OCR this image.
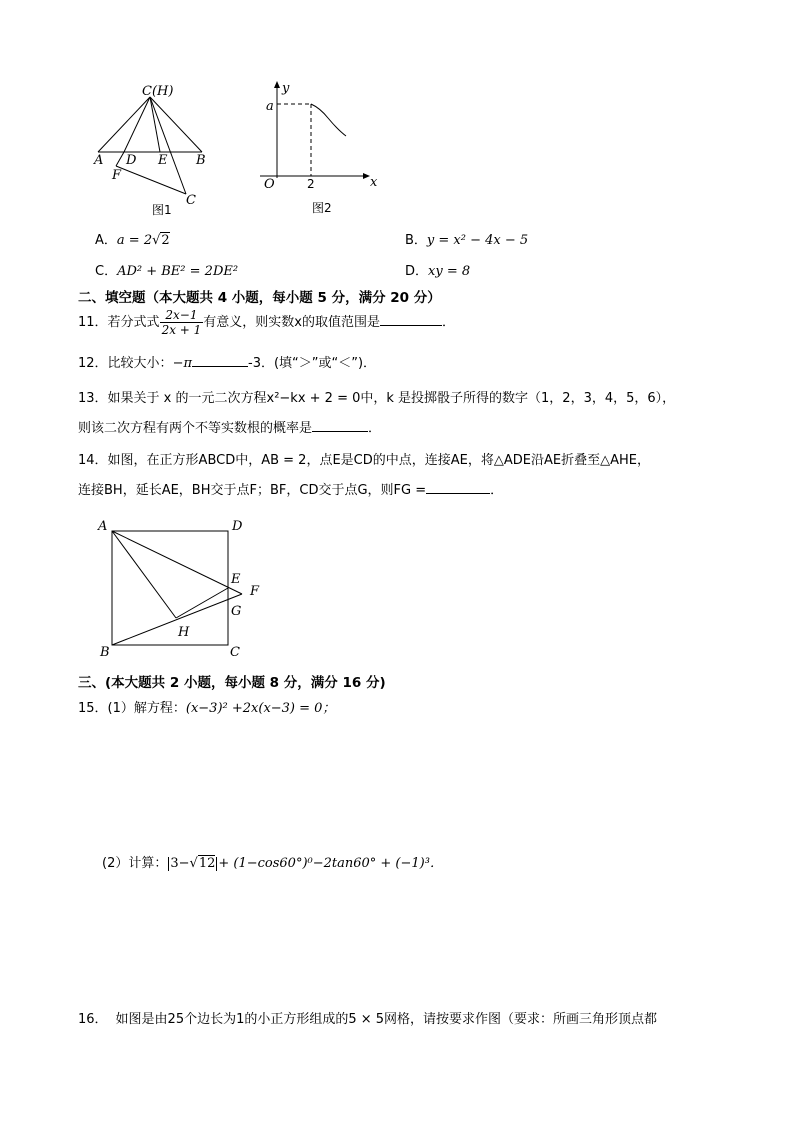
C(H)
A D E B
F
C
图1
y
x
a
O	2
图2
A．a = 2√2	B．y = x² − 4x − 5
C．AD² + BE² = 2DE²	D．xy = 8
二、填空题（本大题共 4 小题，每小题 5 分，满分 20 分）
11．若分式式 $\frac{2x-1}{2x + 1}$ 有意义，则实数x的取值范围是	．
12．比较大小：−π	-3．(填“＞”或“＜”)．
13．如果关于 x 的一元二次方程x²−kx + 2 = 0中，k 是投掷骰子所得的数字（1，2，3，4，5，6），
则该二次方程有两个不等实数根的概率是	．
14．如图，在正方形ABCD中，AB = 2，点E是CD的中点，连接AE，将△ADE沿AE折叠至△AHE，
连接BH，延长AE，BH交于点F；BF，CD交于点G，则FG =	．
A	D
E
F
G
H
B	C
三、(本大题共 2 小题，每小题 8 分，满分 16 分)
15．(1）解方程：(x−3)² +2x(x−3) = 0；
(2）计算： 3−√12 + (1−cos60°)⁰−2tan60° + (−1)³．
16． 如图是由25个边长为1的小正方形组成的5 × 5网格，请按要求作图（要求：所画三角形顶点都
